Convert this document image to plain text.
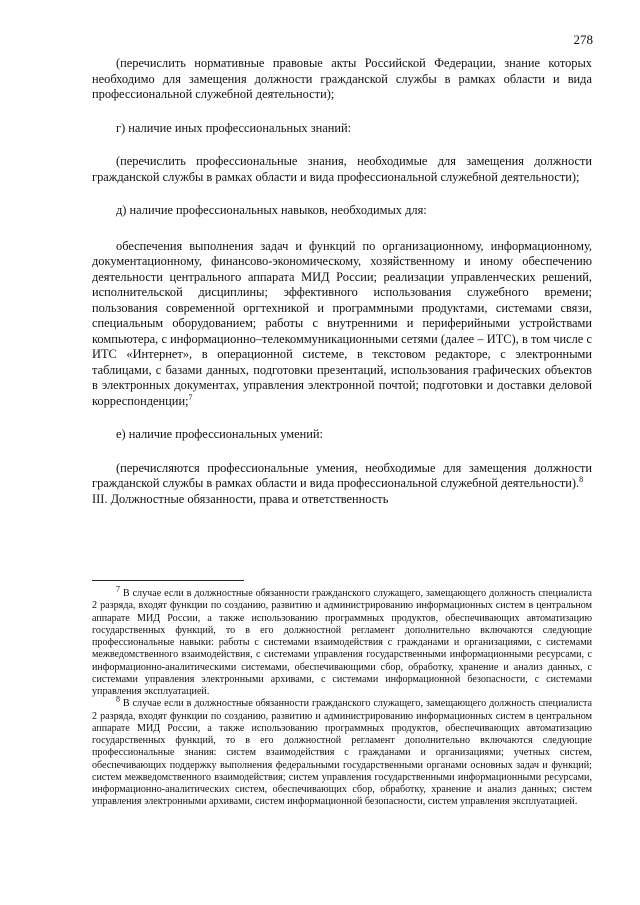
278

(перечислить нормативные правовые акты Российской Федерации, знание которых необходимо для замещения должности гражданской службы в рамках области и вида профессиональной служебной деятельности);

г) наличие иных профессиональных знаний:

(перечислить профессиональные знания, необходимые для замещения должности гражданской службы в рамках области и вида профессиональной служебной деятельности);

д) наличие профессиональных навыков, необходимых для:

обеспечения выполнения задач и функций по организационному, информационному, документационному, финансово-экономическому, хозяйственному и иному обеспечению деятельности центрального аппарата МИД России; реализации управленческих решений, исполнительской дисциплины; эффективного использования служебного времени; пользования современной оргтехникой и программными продуктами, системами связи, специальным оборудованием; работы с внутренними и периферийными устройствами компьютера, с информационно–телекоммуникационными сетями (далее – ИТС), в том числе с ИТС «Интернет», в операционной системе, в текстовом редакторе, с электронными таблицами, с базами данных, подготовки презентаций, использования графических объектов в электронных документах, управления электронной почтой; подготовки и доставки деловой корреспонденции;$^7$

е) наличие профессиональных умений:

(перечисляются профессиональные умения, необходимые для замещения должности гражданской службы в рамках области и вида профессиональной служебной деятельности).$^8$

III. Должностные обязанности, права и ответственность

$^7$ В случае если в должностные обязанности гражданского служащего, замещающего должность специалиста 2 разряда, входят функции по созданию, развитию и администрированию информационных систем в центральном аппарате МИД России, а также использованию программных продуктов, обеспечивающих автоматизацию государственных функций, то в его должностной регламент дополнительно включаются следующие профессиональные навыки: работы с системами взаимодействия с гражданами и организациями, с системами межведомственного взаимодействия, с системами управления государственными информационными ресурсами, с информационно-аналитическими системами, обеспечивающими сбор, обработку, хранение и анализ данных, с системами управления электронными архивами, с системами информационной безопасности, с системами управления эксплуатацией.

$^8$ В случае если в должностные обязанности гражданского служащего, замещающего должность специалиста 2 разряда, входят функции по созданию, развитию и администрированию информационных систем в центральном аппарате МИД России, а также использованию программных продуктов, обеспечивающих автоматизацию государственных функций, то в его должностной регламент дополнительно включаются следующие профессиональные знания: систем взаимодействия с гражданами и организациями; учетных систем, обеспечивающих поддержку выполнения федеральными государственными органами основных задач и функций; систем межведомственного взаимодействия; систем управления государственными информационными ресурсами, информационно-аналитических систем, обеспечивающих сбор, обработку, хранение и анализ данных; систем управления электронными архивами, систем информационной безопасности, систем управления эксплуатацией.
